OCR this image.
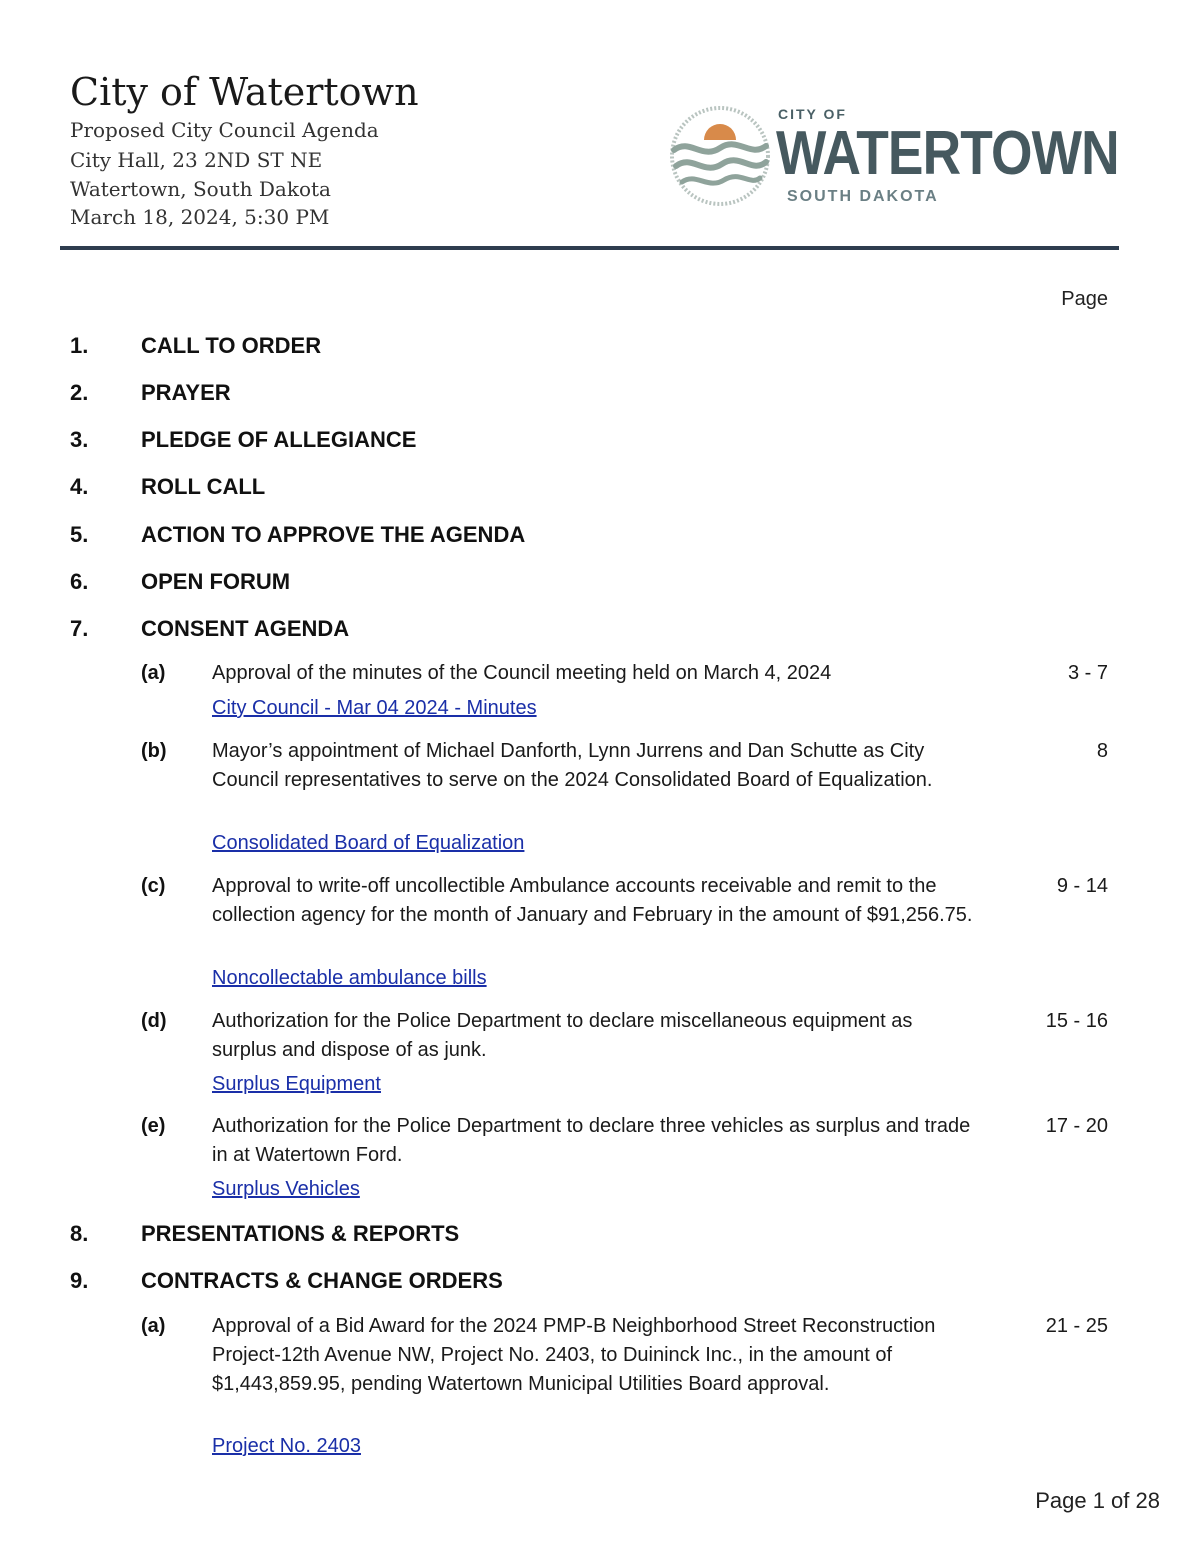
City of Watertown
Proposed City Council Agenda
City Hall, 23 2ND ST NE
Watertown, South Dakota
March 18, 2024, 5:30 PM
CITY OF
WATERTOWN
SOUTH DAKOTA
Page
1. CALL TO ORDER
2. PRAYER
3. PLEDGE OF ALLEGIANCE
4. ROLL CALL
5. ACTION TO APPROVE THE AGENDA
6. OPEN FORUM
7. CONSENT AGENDA
(a) Approval of the minutes of the Council meeting held on March 4, 2024	3 - 7
City Council - Mar 04 2024 - Minutes
(b) Mayor’s appointment of Michael Danforth, Lynn Jurrens and Dan Schutte as City Council representatives to serve on the 2024 Consolidated Board of Equalization.
8
Consolidated Board of Equalization
(c) Approval to write-off uncollectible Ambulance accounts receivable and remit to the collection agency for the month of January and February in the amount of $91,256.75.
9 - 14
Noncollectable ambulance bills
(d) Authorization for the Police Department to declare miscellaneous equipment as surplus and dispose of as junk.
15 - 16
Surplus Equipment
(e) Authorization for the Police Department to declare three vehicles as surplus and trade in at Watertown Ford.
17 - 20
Surplus Vehicles
8. PRESENTATIONS & REPORTS
9. CONTRACTS & CHANGE ORDERS
(a) Approval of a Bid Award for the 2024 PMP-B Neighborhood Street Reconstruction Project-12th Avenue NW, Project No. 2403, to Duininck Inc., in the amount of $1,443,859.95, pending Watertown Municipal Utilities Board approval.
21 - 25
Project No. 2403
Page 1 of 28
